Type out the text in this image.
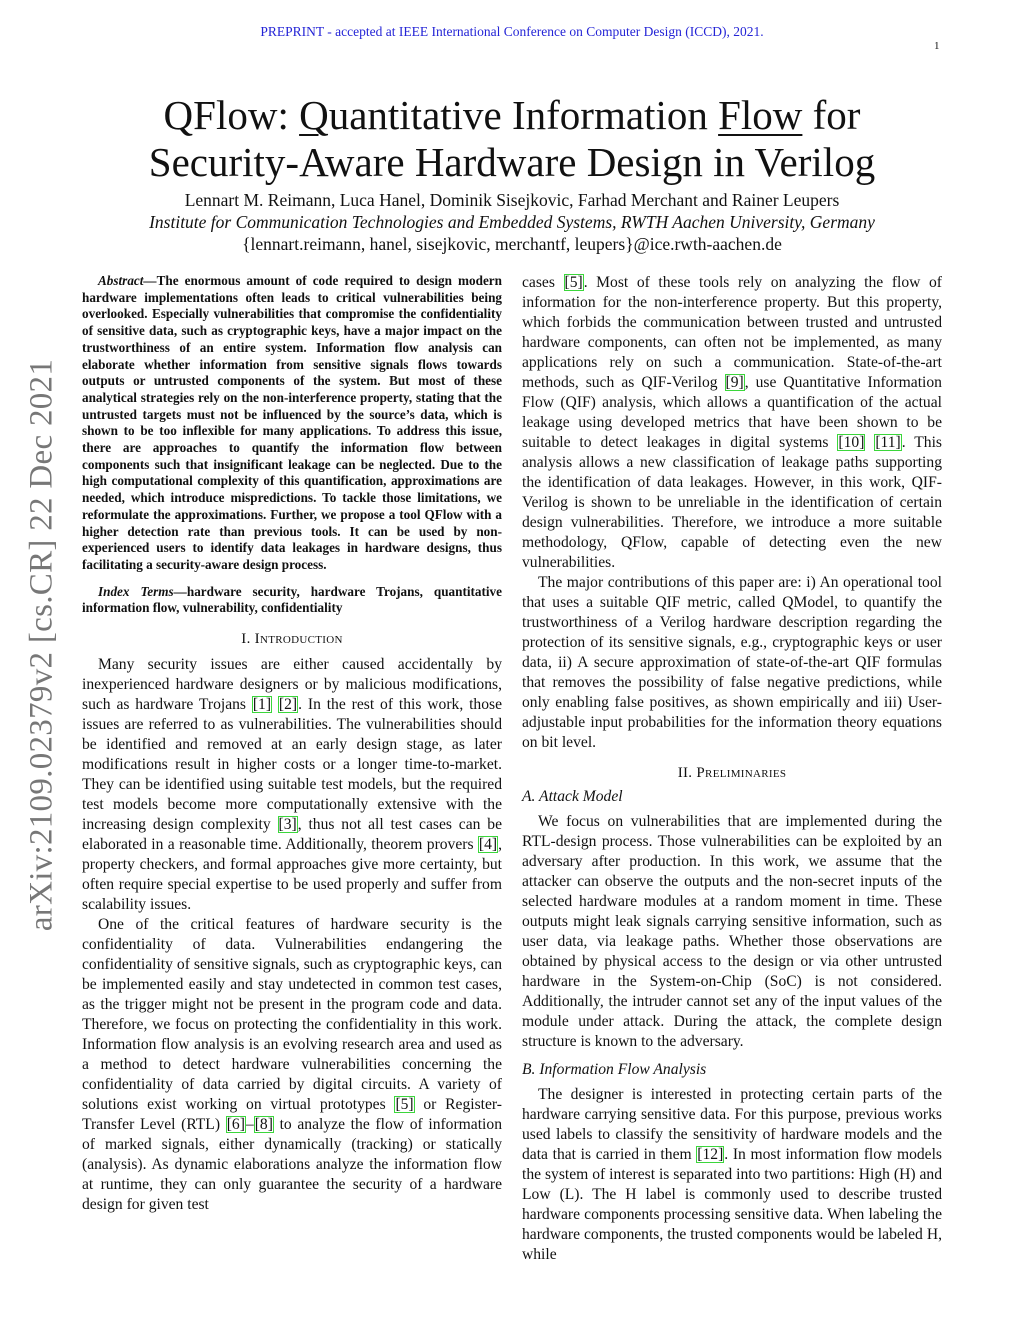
PREPRINT - accepted at IEEE International Conference on Computer Design (ICCD), 2021.
1
arXiv:2109.02379v2 [cs.CR] 22 Dec 2021
QFlow: Quantitative Information Flow for
Security-Aware Hardware Design in Verilog
Lennart M. Reimann, Luca Hanel, Dominik Sisejkovic, Farhad Merchant and Rainer Leupers
Institute for Communication Technologies and Embedded Systems, RWTH Aachen University, Germany
{lennart.reimann, hanel, sisejkovic, merchantf, leupers}@ice.rwth-aachen.de

Abstract—The enormous amount of code required to design modern hardware implementations often leads to critical vulnerabilities being overlooked. Especially vulnerabilities that compromise the confidentiality of sensitive data, such as cryptographic keys, have a major impact on the trustworthiness of an entire system. Information flow analysis can elaborate whether information from sensitive signals flows towards outputs or untrusted components of the system. But most of these analytical strategies rely on the non-interference property, stating that the untrusted targets must not be influenced by the source’s data, which is shown to be too inflexible for many applications. To address this issue, there are approaches to quantify the information flow between components such that insignificant leakage can be neglected. Due to the high computational complexity of this quantification, approximations are needed, which introduce mispredictions. To tackle those limitations, we reformulate the approximations. Further, we propose a tool QFlow with a higher detection rate than previous tools. It can be used by non-experienced users to identify data leakages in hardware designs, thus facilitating a security-aware design process.

Index Terms—hardware security, hardware Trojans, quantitative information flow, vulnerability, confidentiality

I. Introduction

Many security issues are either caused accidentally by inexperienced hardware designers or by malicious modifications, such as hardware Trojans [1] [2]. In the rest of this work, those issues are referred to as vulnerabilities. The vulnerabilities should be identified and removed at an early design stage, as later modifications result in higher costs or a longer time-to-market. They can be identified using suitable test models, but the required test models become more computationally extensive with the increasing design complexity [3], thus not all test cases can be elaborated in a reasonable time. Additionally, theorem provers [4], property checkers, and formal approaches give more certainty, but often require special expertise to be used properly and suffer from scalability issues.

One of the critical features of hardware security is the confidentiality of data. Vulnerabilities endangering the confidentiality of sensitive signals, such as cryptographic keys, can be implemented easily and stay undetected in common test cases, as the trigger might not be present in the program code and data. Therefore, we focus on protecting the confidentiality in this work. Information flow analysis is an evolving research area and used as a method to detect hardware vulnerabilities concerning the confidentiality of data carried by digital circuits. A variety of solutions exist working on virtual prototypes [5] or Register-Transfer Level (RTL) [6]–[8] to analyze the flow of information of marked signals, either dynamically (tracking) or statically (analysis). As dynamic elaborations analyze the information flow at runtime, they can only guarantee the security of a hardware design for given test

cases [5]. Most of these tools rely on analyzing the flow of information for the non-interference property. But this property, which forbids the communication between trusted and untrusted hardware components, can often not be implemented, as many applications rely on such a communication. State-of-the-art methods, such as QIF-Verilog [9], use Quantitative Information Flow (QIF) analysis, which allows a quantification of the actual leakage using developed metrics that have been shown to be suitable to detect leakages in digital systems [10] [11]. This analysis allows a new classification of leakage paths supporting the identification of data leakages. However, in this work, QIF-Verilog is shown to be unreliable in the identification of certain design vulnerabilities. Therefore, we introduce a more suitable methodology, QFlow, capable of detecting even the new vulnerabilities.

The major contributions of this paper are: i) An operational tool that uses a suitable QIF metric, called QModel, to quantify the trustworthiness of a Verilog hardware description regarding the protection of its sensitive signals, e.g., cryptographic keys or user data, ii) A secure approximation of state-of-the-art QIF formulas that removes the possibility of false negative predictions, while only enabling false positives, as shown empirically and iii) User-adjustable input probabilities for the information theory equations on bit level.

II. Preliminaries
A. Attack Model

We focus on vulnerabilities that are implemented during the RTL-design process. Those vulnerabilities can be exploited by an adversary after production. In this work, we assume that the attacker can observe the outputs and the non-secret inputs of the selected hardware modules at a random moment in time. These outputs might leak signals carrying sensitive information, such as user data, via leakage paths. Whether those observations are obtained by physical access to the design or via other untrusted hardware in the System-on-Chip (SoC) is not considered. Additionally, the intruder cannot set any of the input values of the module under attack. During the attack, the complete design structure is known to the adversary.

B. Information Flow Analysis

The designer is interested in protecting certain parts of the hardware carrying sensitive data. For this purpose, previous works used labels to classify the sensitivity of hardware models and the data that is carried in them [12]. In most information flow models the system of interest is separated into two partitions: High (H) and Low (L). The H label is commonly used to describe trusted hardware components processing sensitive data. When labeling the hardware components, the trusted components would be labeled H, while
